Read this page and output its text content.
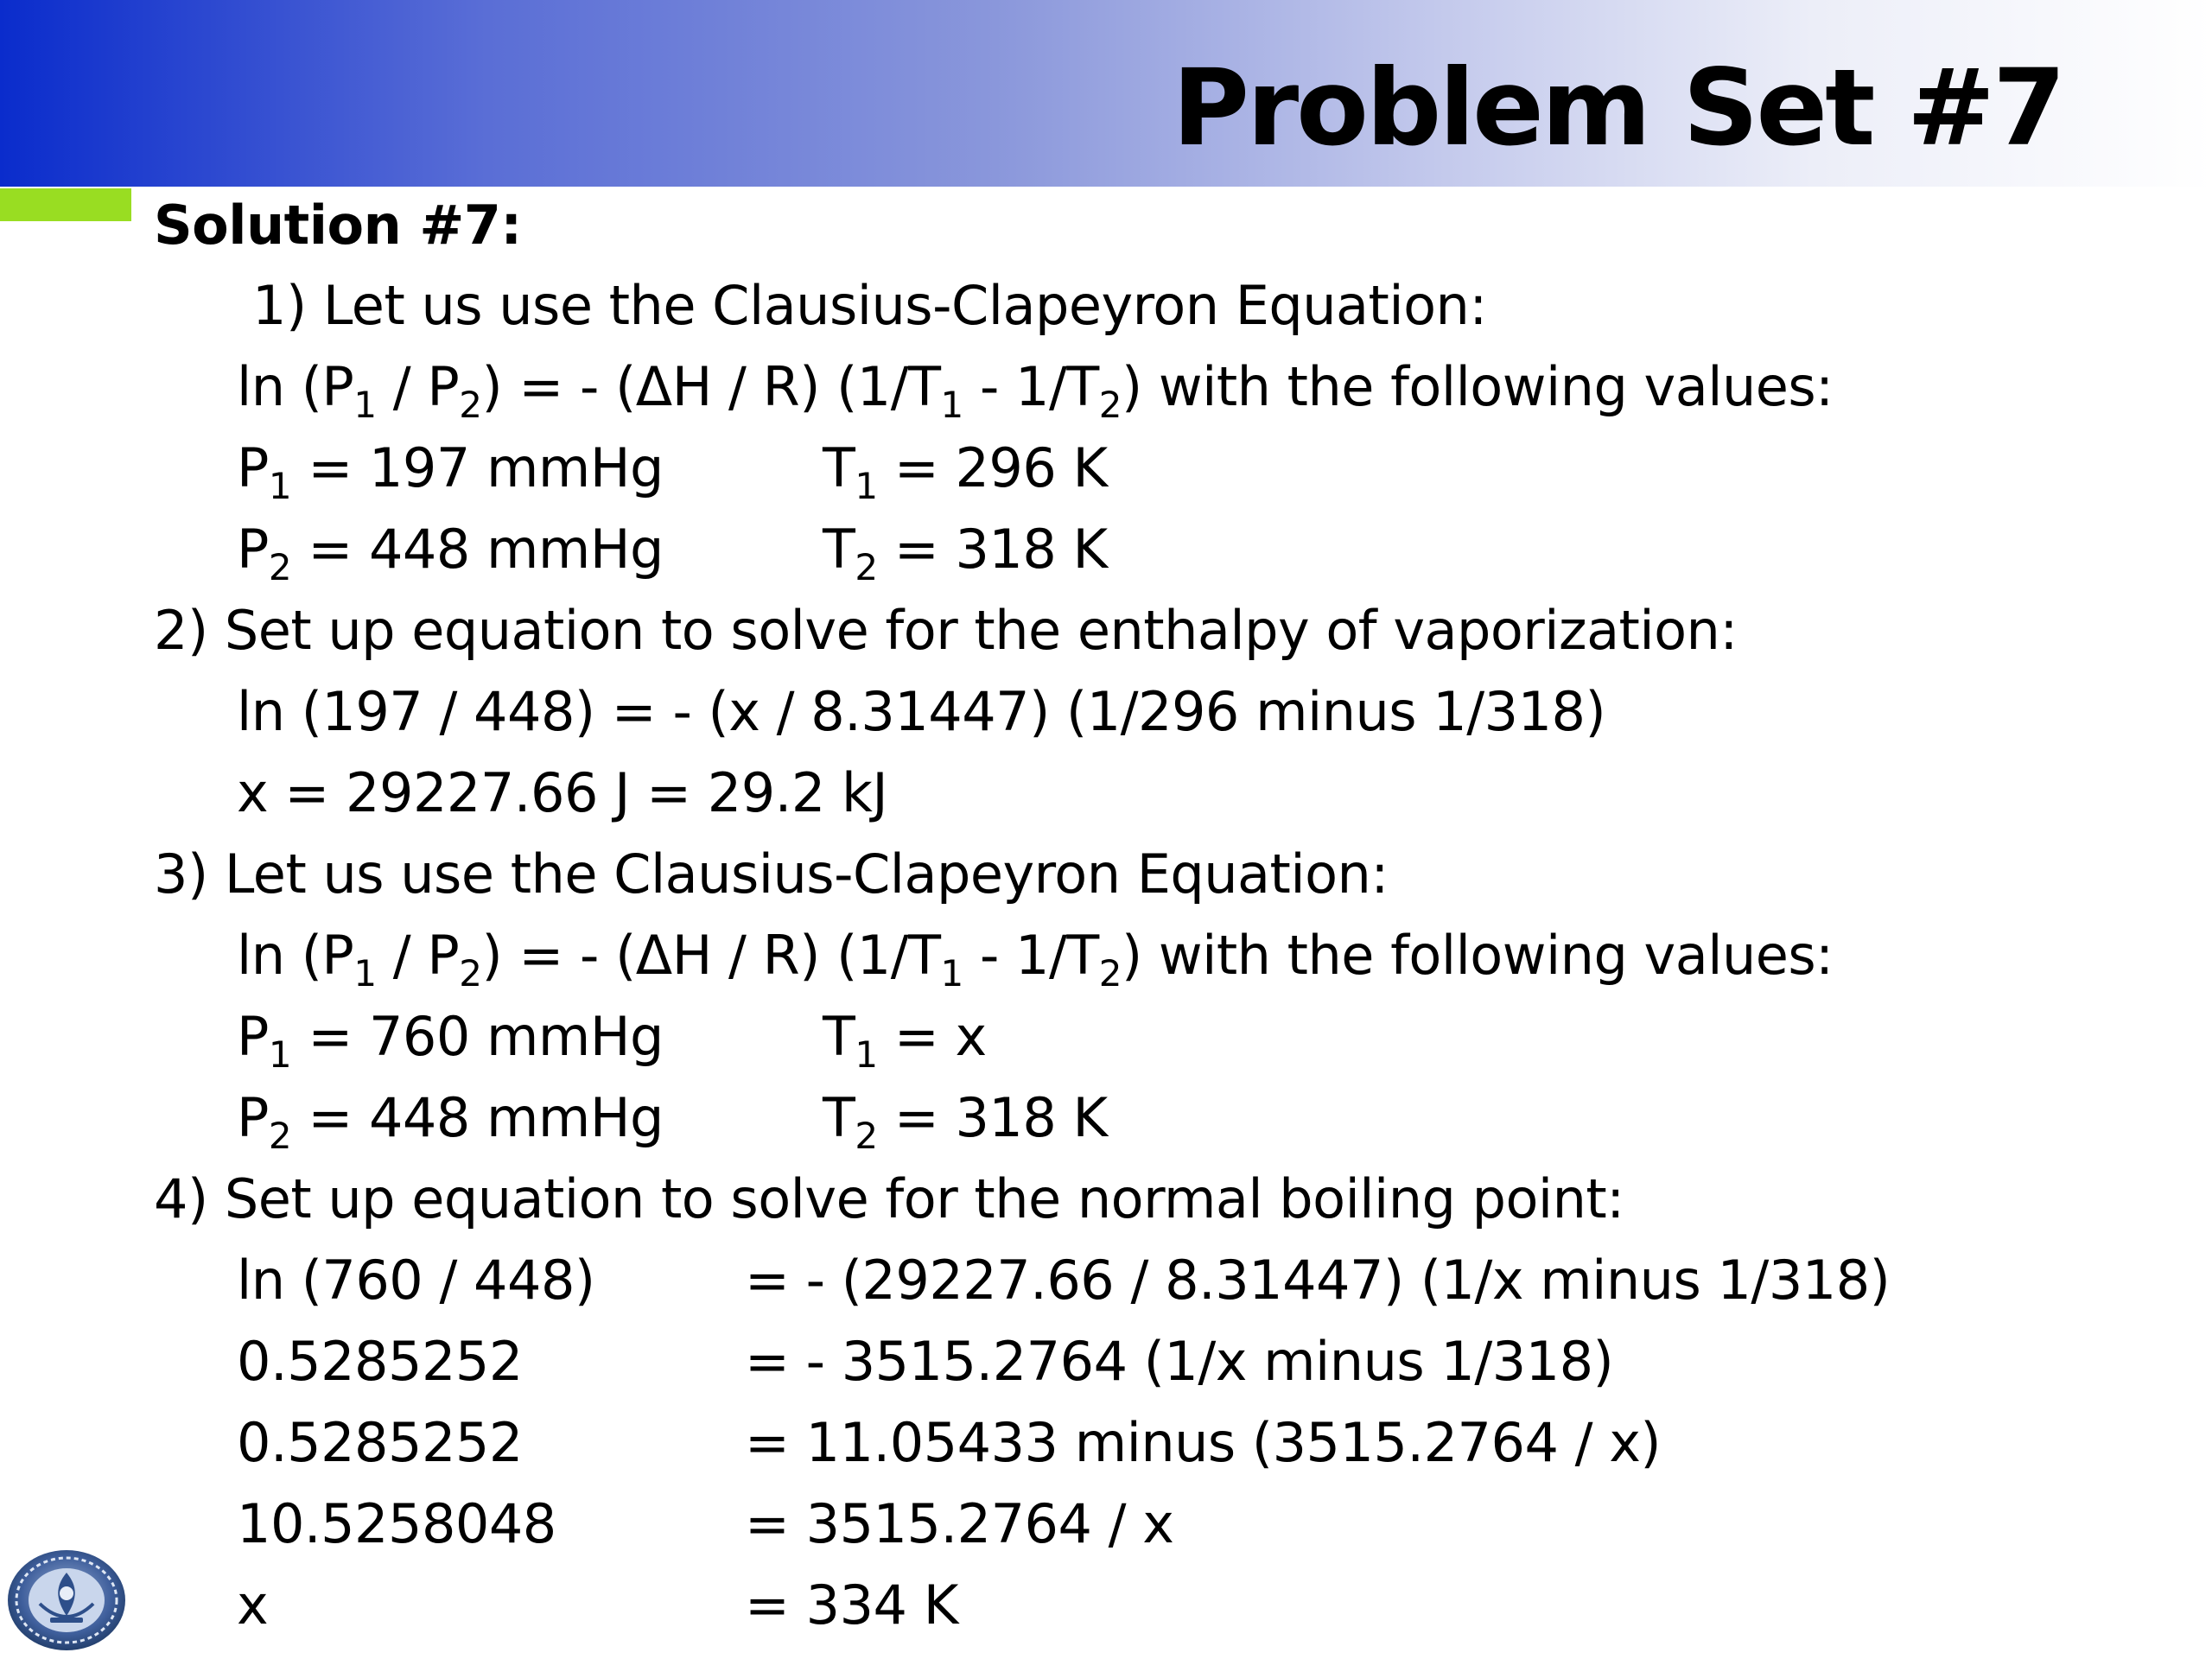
Problem Set #7
Solution #7:
1) Let us use the Clausius-Clapeyron Equation:
$\ln (P_1 / P_2)$ = - (ΔH / R) $(1/T_1 - 1/T_2)$ with the following values:
$P_1 = 197$ mmHg	$T_1 = 296$ K
$P_2 = 448$ mmHg	$T_2 = 318$ K
2) Set up equation to solve for the enthalpy of vaporization:
ln (197 / 448) = - (x / 8.31447) (1/296 minus 1/318)
x = 29227.66 J = 29.2 kJ
3) Let us use the Clausius-Clapeyron Equation:
$\ln (P_1 / P_2)$ = - (ΔH / R) $(1/T_1 - 1/T_2)$ with the following values:
$P_1 = 760$ mmHg	$T_1 = x$
$P_2 = 448$ mmHg	$T_2 = 318$ K
4) Set up equation to solve for the normal boiling point:
ln (760 / 448)	= - (29227.66 / 8.31447) (1/x minus 1/318)
0.5285252	= - 3515.2764 (1/x minus 1/318)
0.5285252	= 11.05433 minus (3515.2764 / x)
10.5258048	= 3515.2764 / x
x	= 334 K
